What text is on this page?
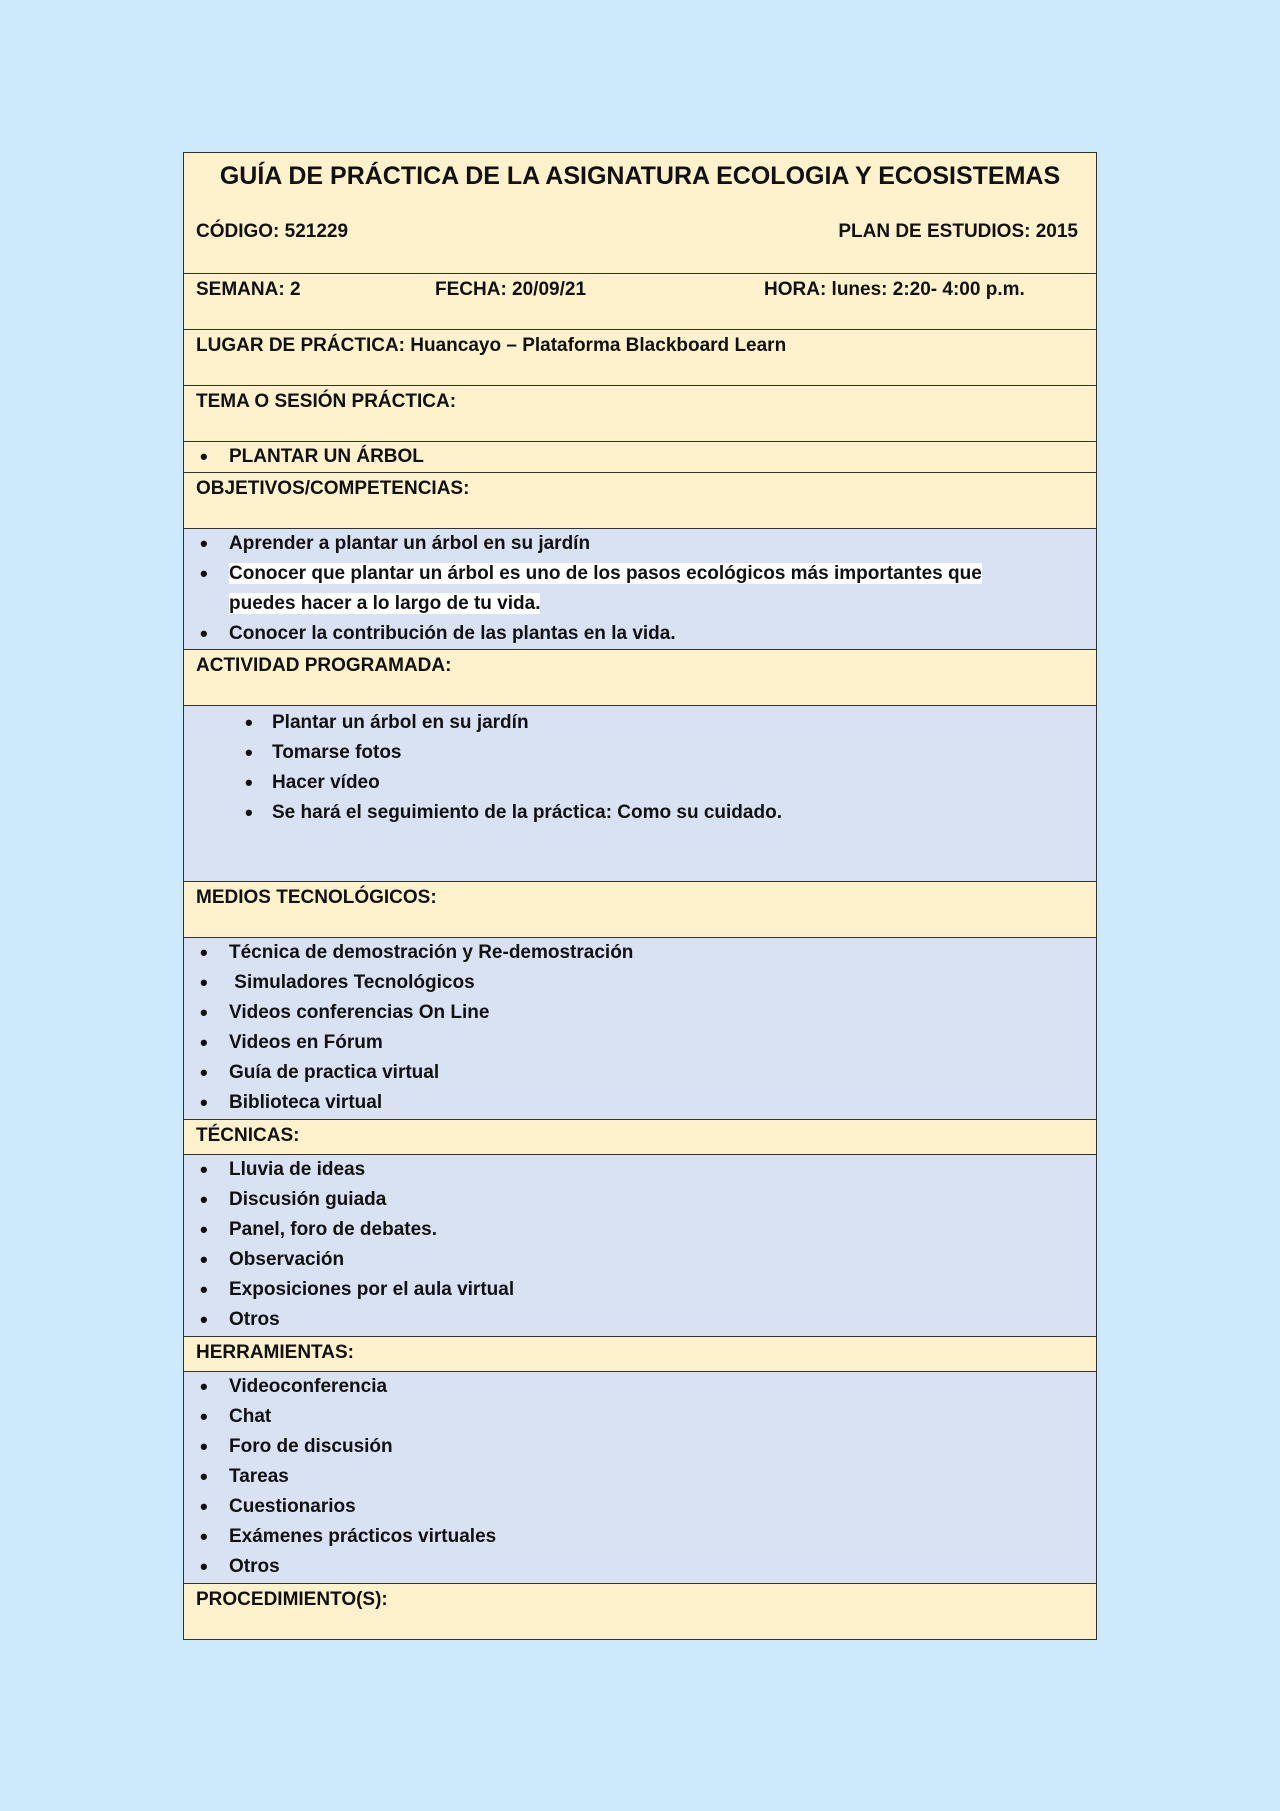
GUÍA DE PRÁCTICA DE LA ASIGNATURA ECOLOGIA Y ECOSISTEMAS
CÓDIGO: 521229	PLAN DE ESTUDIOS: 2015
SEMANA: 2	FECHA: 20/09/21	HORA: lunes: 2:20- 4:00 p.m.
LUGAR DE PRÁCTICA: Huancayo – Plataforma Blackboard Learn
TEMA O SESIÓN PRÁCTICA:
• PLANTAR UN ÁRBOL
OBJETIVOS/COMPETENCIAS:
• Aprender a plantar un árbol en su jardín
• Conocer que plantar un árbol es uno de los pasos ecológicos más importantes que
puedes hacer a lo largo de tu vida.
• Conocer la contribución de las plantas en la vida.
ACTIVIDAD PROGRAMADA:
• Plantar un árbol en su jardín
• Tomarse fotos
• Hacer vídeo
• Se hará el seguimiento de la práctica: Como su cuidado.
MEDIOS TECNOLÓGICOS:
• Técnica de demostración y Re-demostración
•  Simuladores Tecnológicos
• Videos conferencias On Line
• Videos en Fórum
• Guía de practica virtual
• Biblioteca virtual
TÉCNICAS:
• Lluvia de ideas
• Discusión guiada
• Panel, foro de debates.
• Observación
• Exposiciones por el aula virtual
• Otros
HERRAMIENTAS:
• Videoconferencia
• Chat
• Foro de discusión
• Tareas
• Cuestionarios
• Exámenes prácticos virtuales
• Otros
PROCEDIMIENTO(S):
